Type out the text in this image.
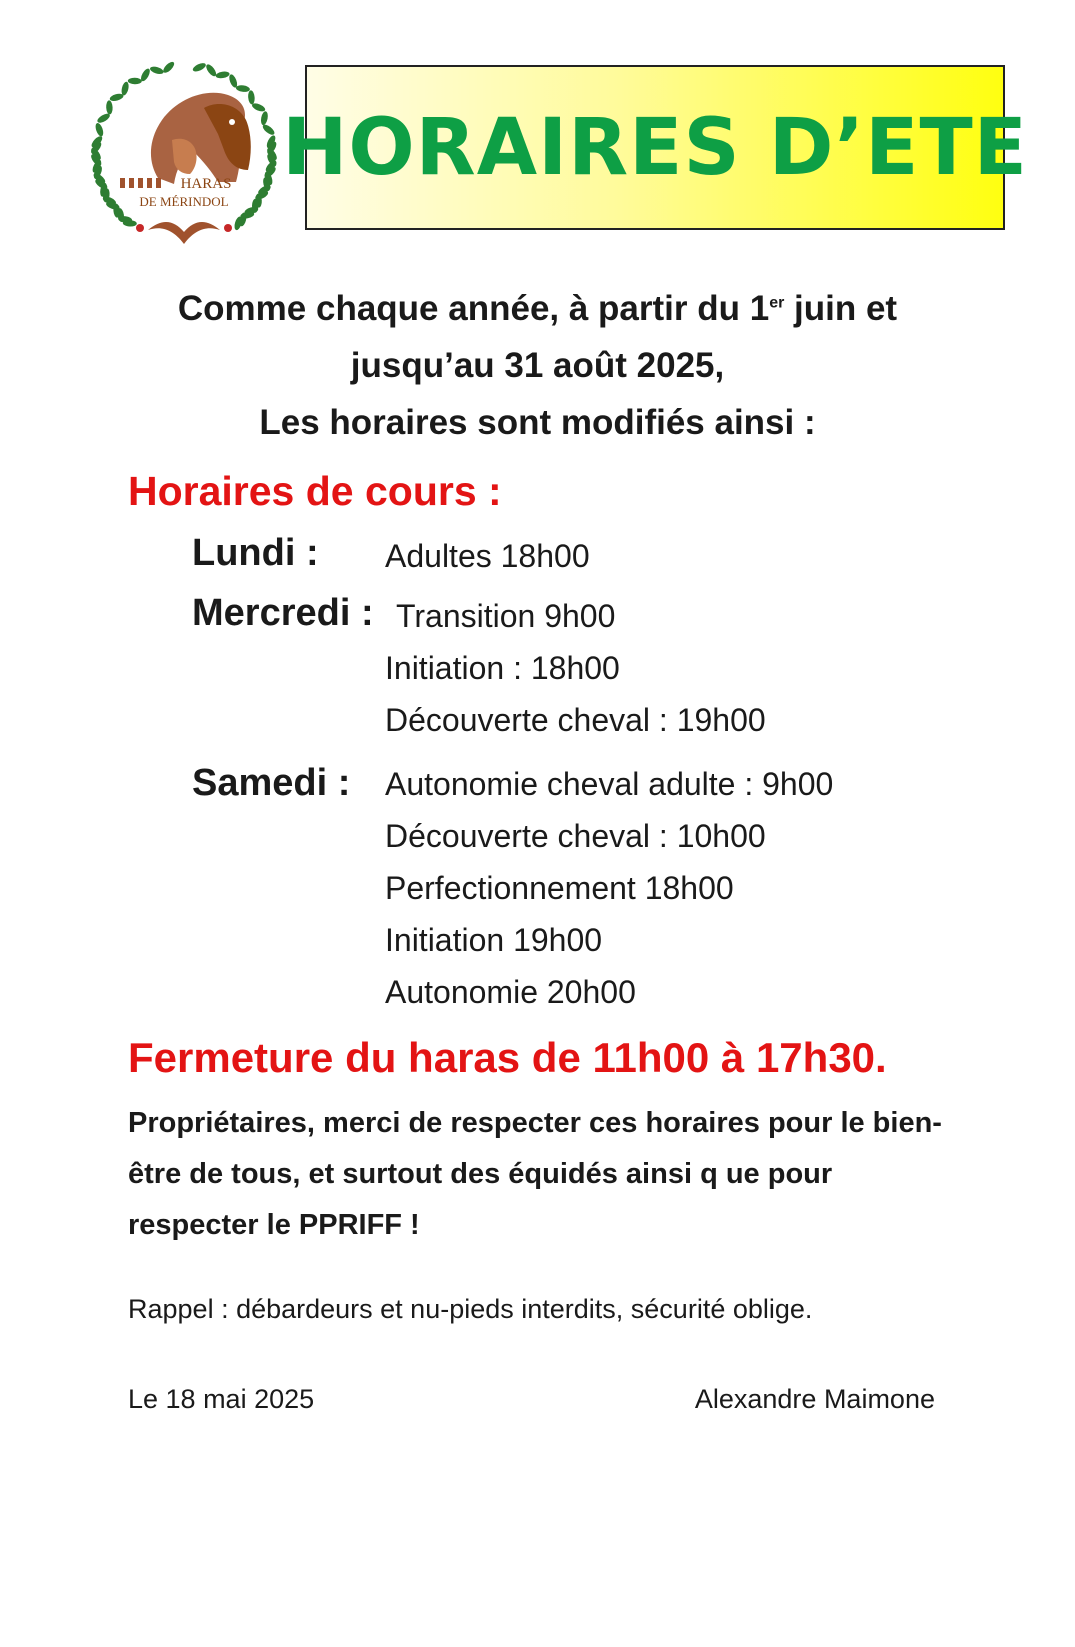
HARAS
DE MÉRINDOL
HORAIRES D’ETE
Comme chaque année, à partir du 1er juin et
jusqu’au 31 août 2025,
Les horaires sont modifiés ainsi :
Horaires de cours :
Lundi : Adultes 18h00
Mercredi : Transition 9h00
Initiation : 18h00
Découverte cheval : 19h00
Samedi : Autonomie cheval adulte : 9h00
Découverte cheval : 10h00
Perfectionnement 18h00
Initiation 19h00
Autonomie 20h00
Fermeture du haras de 11h00 à 17h30.
Propriétaires, merci de respecter ces horaires pour le bien-être de tous, et surtout des équidés ainsi q ue pour respecter le PPRIFF !
Rappel : débardeurs et nu-pieds interdits, sécurité oblige.
Le 18 mai 2025	Alexandre Maimone
